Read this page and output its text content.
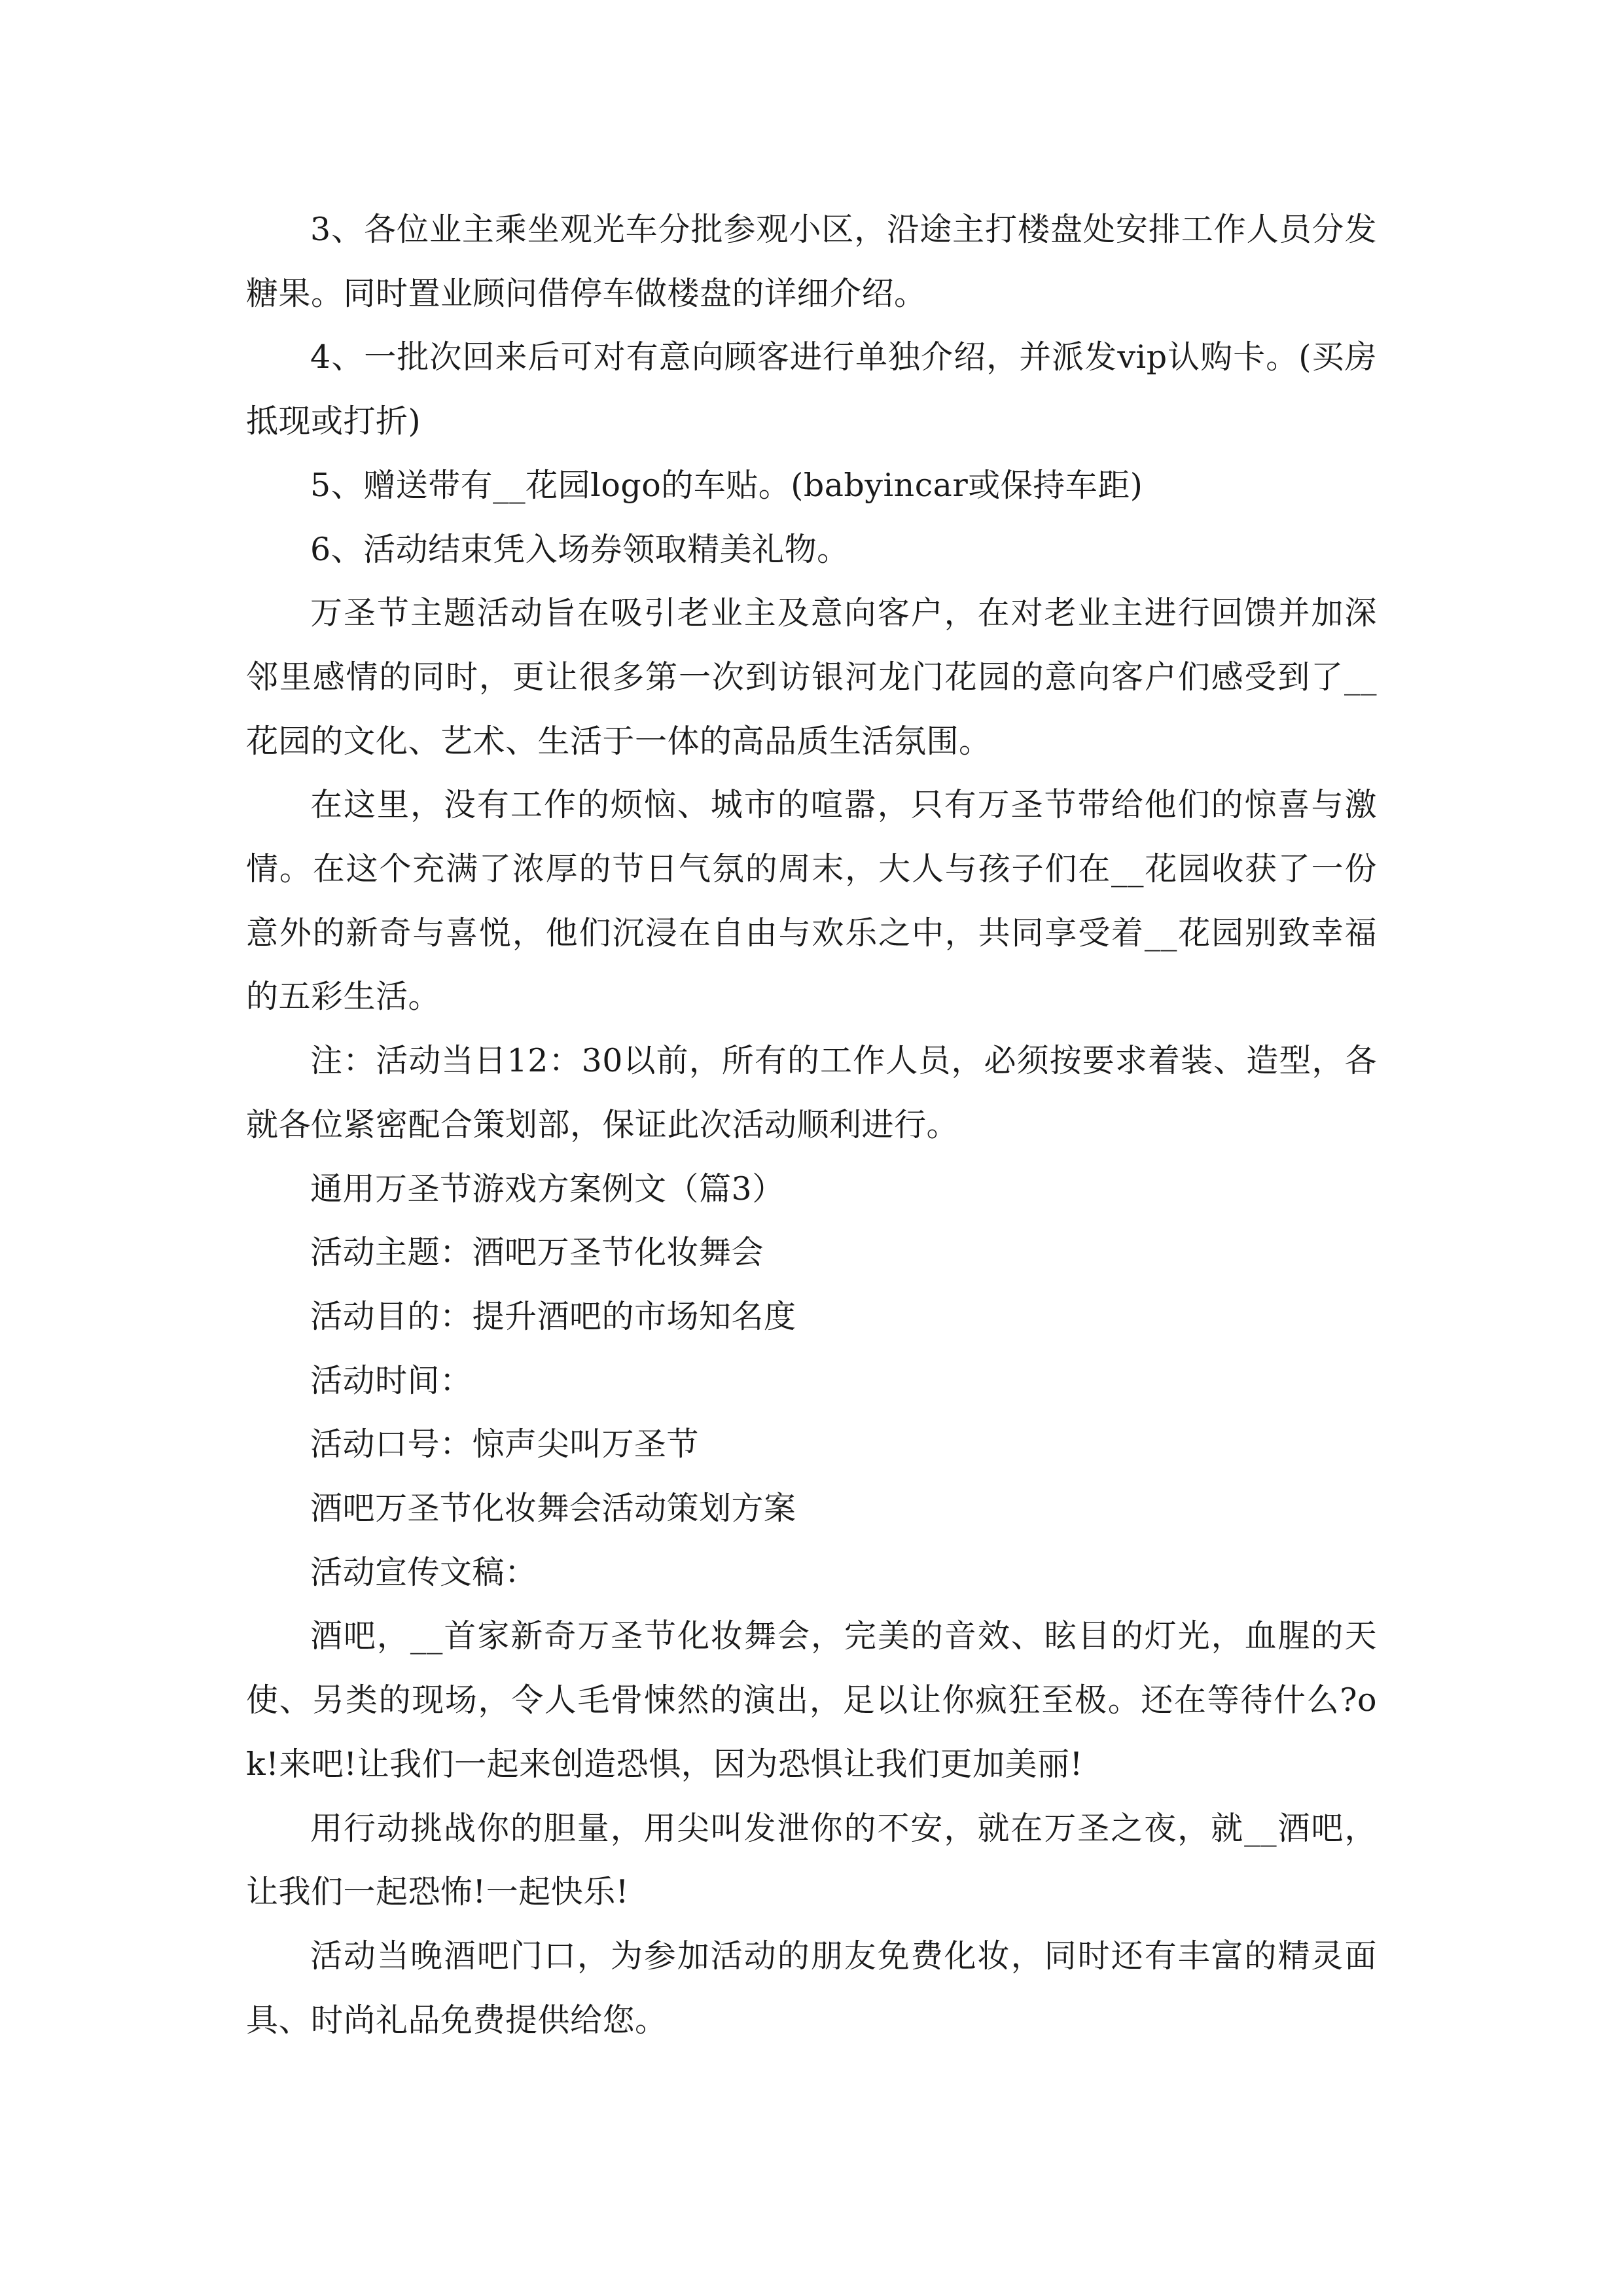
3、各位业主乘坐观光车分批参观小区，沿途主打楼盘处安排工作人员分发糖果。同时置业顾问借停车做楼盘的详细介绍。

4、一批次回来后可对有意向顾客进行单独介绍，并派发vip认购卡。(买房抵现或打折)

5、赠送带有__花园logo的车贴。(babyincar或保持车距)

6、活动结束凭入场券领取精美礼物。

万圣节主题活动旨在吸引老业主及意向客户，在对老业主进行回馈并加深邻里感情的同时，更让很多第一次到访银河龙门花园的意向客户们感受到了__花园的文化、艺术、生活于一体的高品质生活氛围。

在这里，没有工作的烦恼、城市的喧嚣，只有万圣节带给他们的惊喜与激情。在这个充满了浓厚的节日气氛的周末，大人与孩子们在__花园收获了一份意外的新奇与喜悦，他们沉浸在自由与欢乐之中，共同享受着__花园别致幸福的五彩生活。

注：活动当日12：30以前，所有的工作人员，必须按要求着装、造型，各就各位紧密配合策划部，保证此次活动顺利进行。

通用万圣节游戏方案例文（篇3）

活动主题：酒吧万圣节化妆舞会

活动目的：提升酒吧的市场知名度

活动时间：

活动口号：惊声尖叫万圣节

酒吧万圣节化妆舞会活动策划方案

活动宣传文稿：

酒吧，__首家新奇万圣节化妆舞会，完美的音效、眩目的灯光，血腥的天使、另类的现场，令人毛骨悚然的演出，足以让你疯狂至极。还在等待什么?ok!来吧!让我们一起来创造恐惧，因为恐惧让我们更加美丽!

用行动挑战你的胆量，用尖叫发泄你的不安，就在万圣之夜，就__酒吧，让我们一起恐怖!一起快乐!

活动当晚酒吧门口，为参加活动的朋友免费化妆，同时还有丰富的精灵面具、时尚礼品免费提供给您。
